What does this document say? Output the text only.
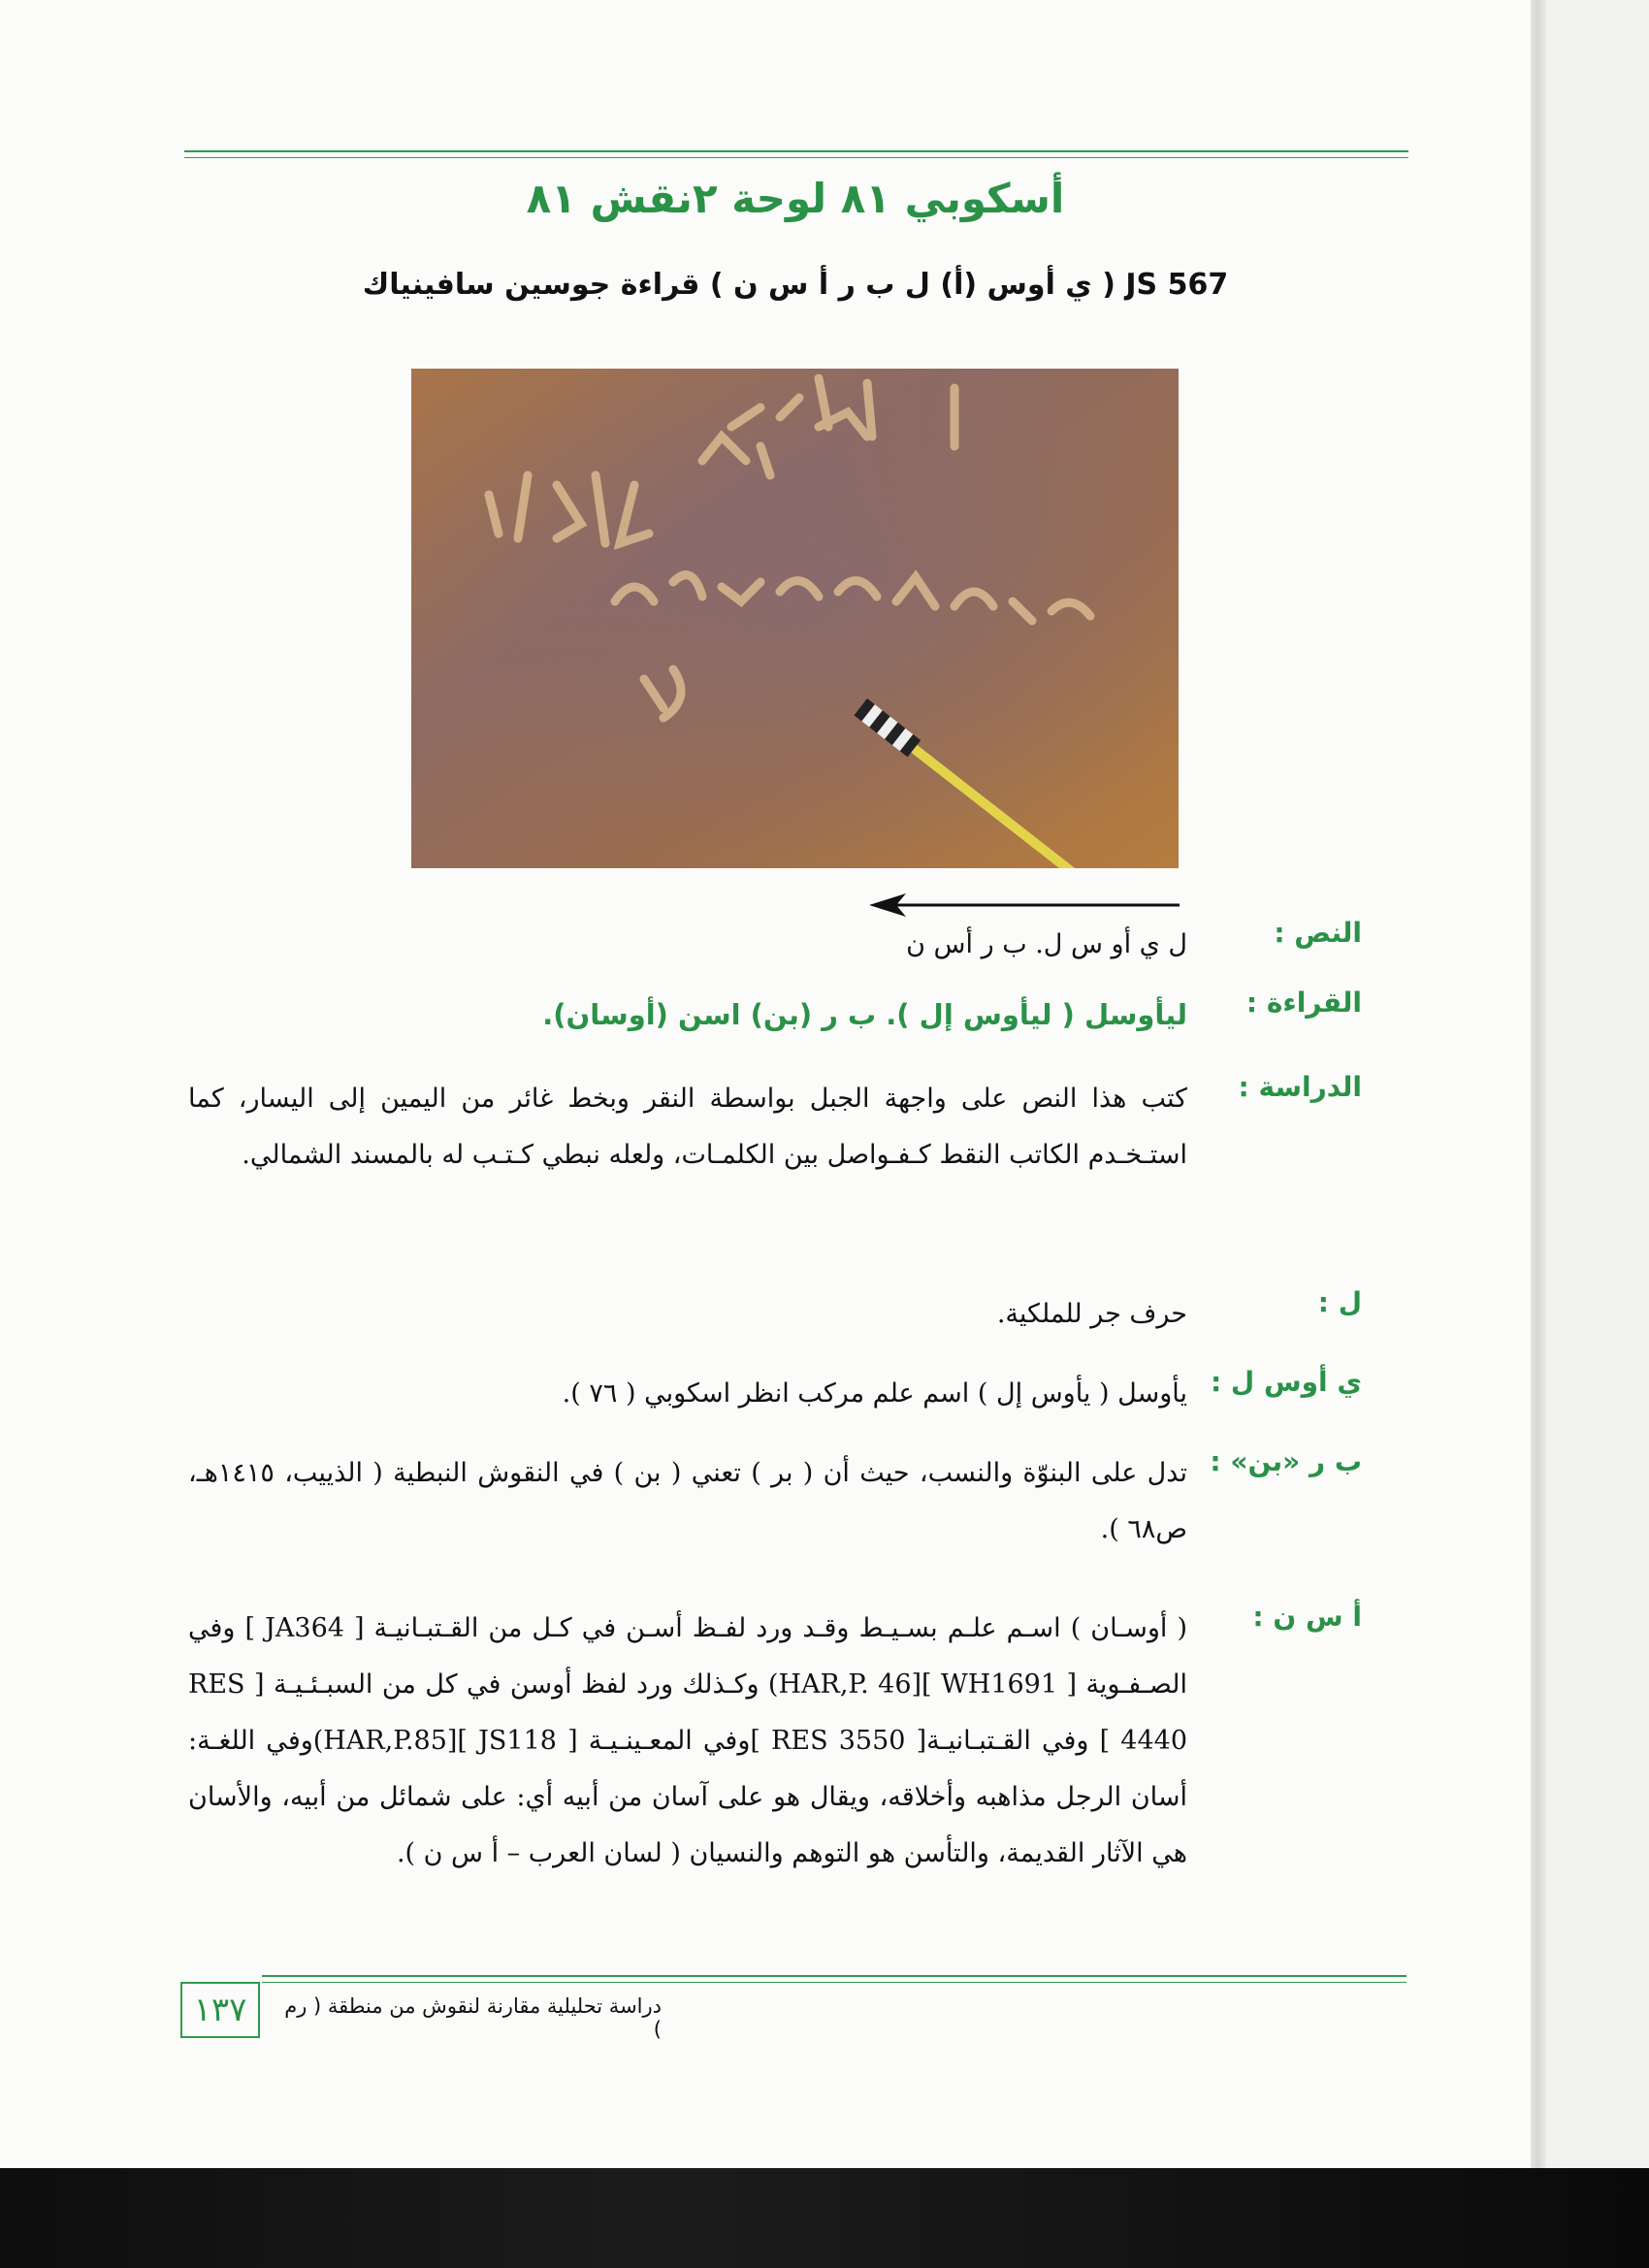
أسكوبي ٨١ لوحة ٢نقش ٨١
JS 567 ( ي أوس (أ) ل ب ر أ س ن ) قراءة جوسين سافينياك
النص :
ل ي أو س ل. ب ر أس ن
القراءة :
ليأوسل ( ليأوس إل ). ب ر (بن) اسن (أوسان).
الدراسة :
كتب هذا النص على واجهة الجبل بواسطة النقر وبخط غائر من اليمين إلى اليسار، كما استـخـدم الكاتب النقط كـفـواصل بين الكلمـات، ولعله نبطي كـتـب له بالمسند الشمالي.
ل :
حرف جر للملكية.
ي أوس ل :
يأوسل ( يأوس إل ) اسم علم مركب انظر اسكوبي ( ٧٦ ).
ب ر «بن» :
تدل على البنوّة والنسب، حيث أن ( بر ) تعني ( بن ) في النقوش النبطية ( الذييب، ١٤١٥هـ، ص٦٨ ).
أ س ن :
( أوسـان ) اسـم علـم بسـيـط وقـد ورد لفـظ أسـن في كـل من القـتبـانيـة [ JA364 ] وفي الصـفـوية [ WH1691 ][HAR,P. 46) وكـذلك ورد لفظ أوسن في كل من السبـئـيـة [ RES 4440 ] وفي القـتبـانيـة[ RES 3550 ]وفي المعـينـيـة [ JS118 ][HAR,P.85)وفي اللغـة: أسان الرجل مذاهبه وأخلاقه، ويقال هو على آسان من أبيه أي: على شمائل من أبيه، والأسان هي الآثار القديمة، والتأسن هو التوهم والنسيان ( لسان العرب – أ س ن ).
١٣٧	دراسة تحليلية مقارنة لنقوش من منطقة ( رم )
